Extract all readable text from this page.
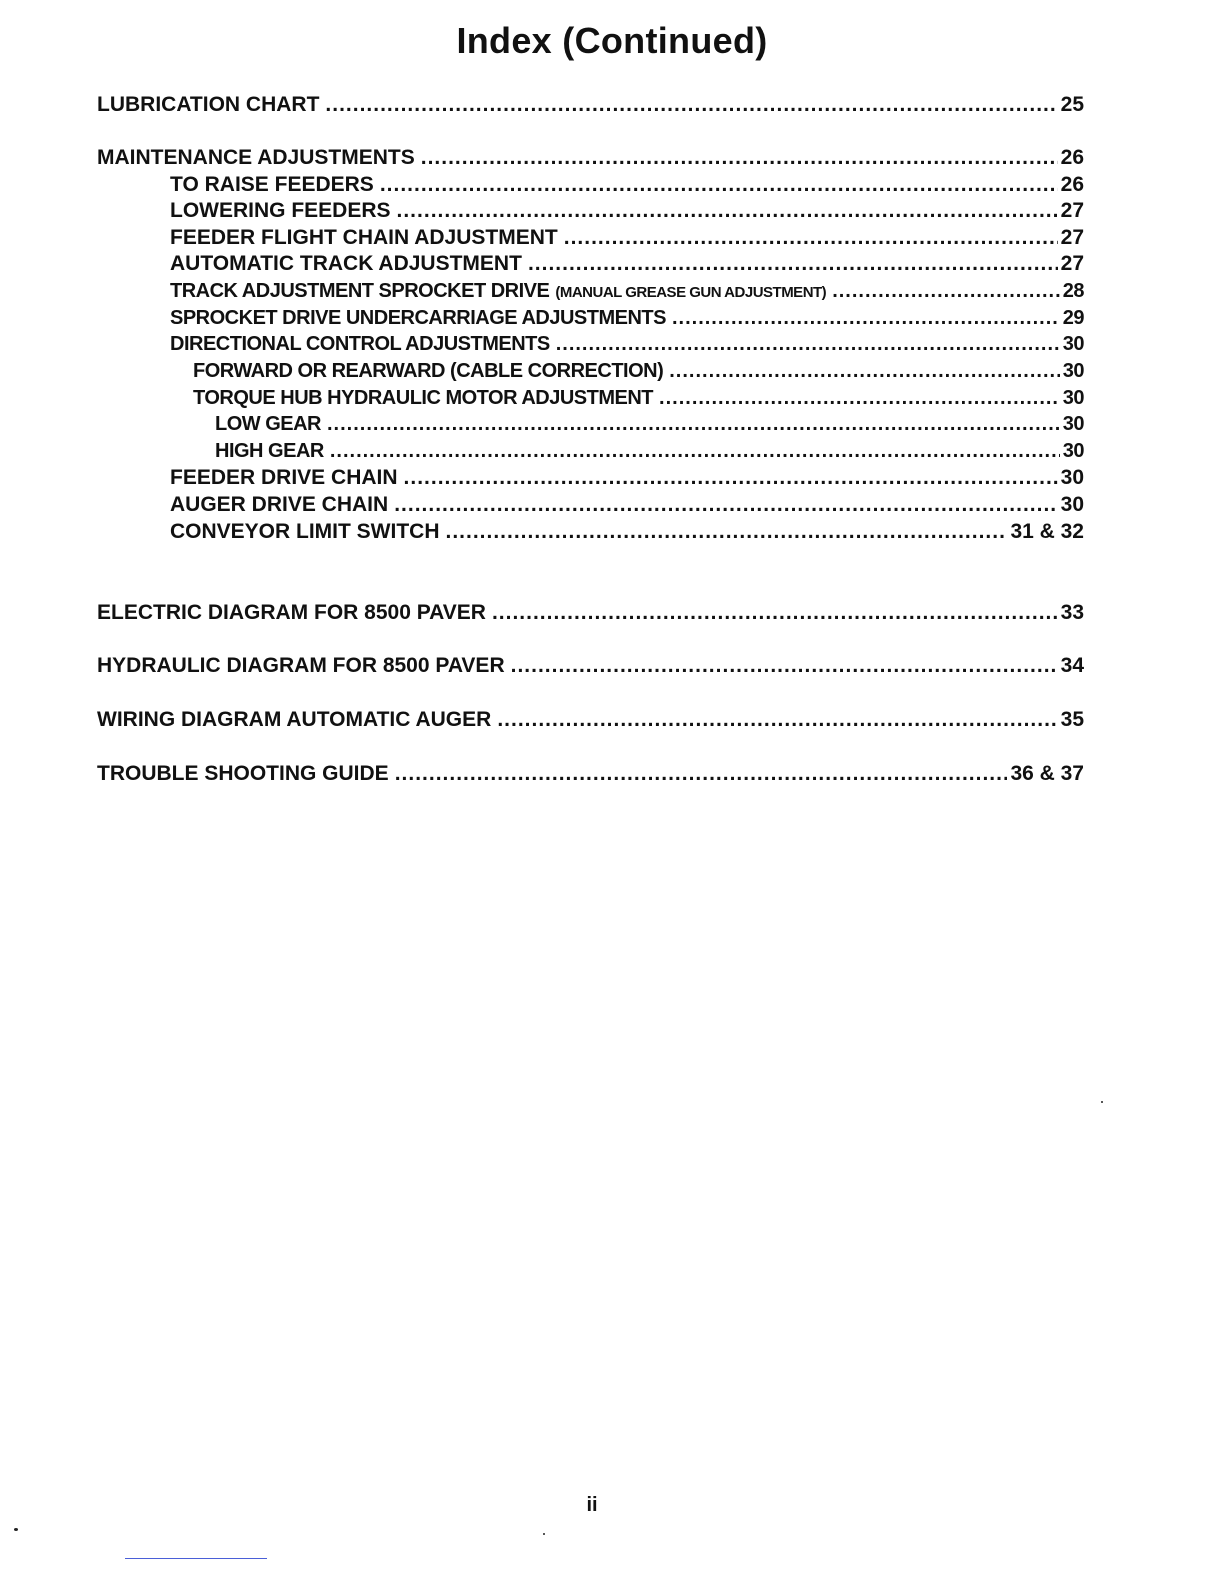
Index (Continued)
LUBRICATION CHART .....	25
MAINTENANCE ADJUSTMENTS .....	26
TO RAISE FEEDERS .....	26
LOWERING FEEDERS .....	27
FEEDER FLIGHT CHAIN ADJUSTMENT .....	27
AUTOMATIC TRACK ADJUSTMENT .....	27
TRACK ADJUSTMENT SPROCKET DRIVE (MANUAL GREASE GUN ADJUSTMENT) .....	28
SPROCKET DRIVE UNDERCARRIAGE ADJUSTMENTS .....	29
DIRECTIONAL CONTROL ADJUSTMENTS .....	30
FORWARD OR REARWARD (CABLE CORRECTION) .....	30
TORQUE HUB HYDRAULIC MOTOR ADJUSTMENT .....	30
LOW GEAR .....	30
HIGH GEAR .....	30
FEEDER DRIVE CHAIN .....	30
AUGER DRIVE CHAIN .....	30
CONVEYOR LIMIT SWITCH .....	31 & 32
ELECTRIC DIAGRAM FOR 8500 PAVER .....	33
HYDRAULIC DIAGRAM FOR 8500 PAVER .....	34
WIRING DIAGRAM AUTOMATIC AUGER .....	35
TROUBLE SHOOTING GUIDE .....	36 & 37
ii
